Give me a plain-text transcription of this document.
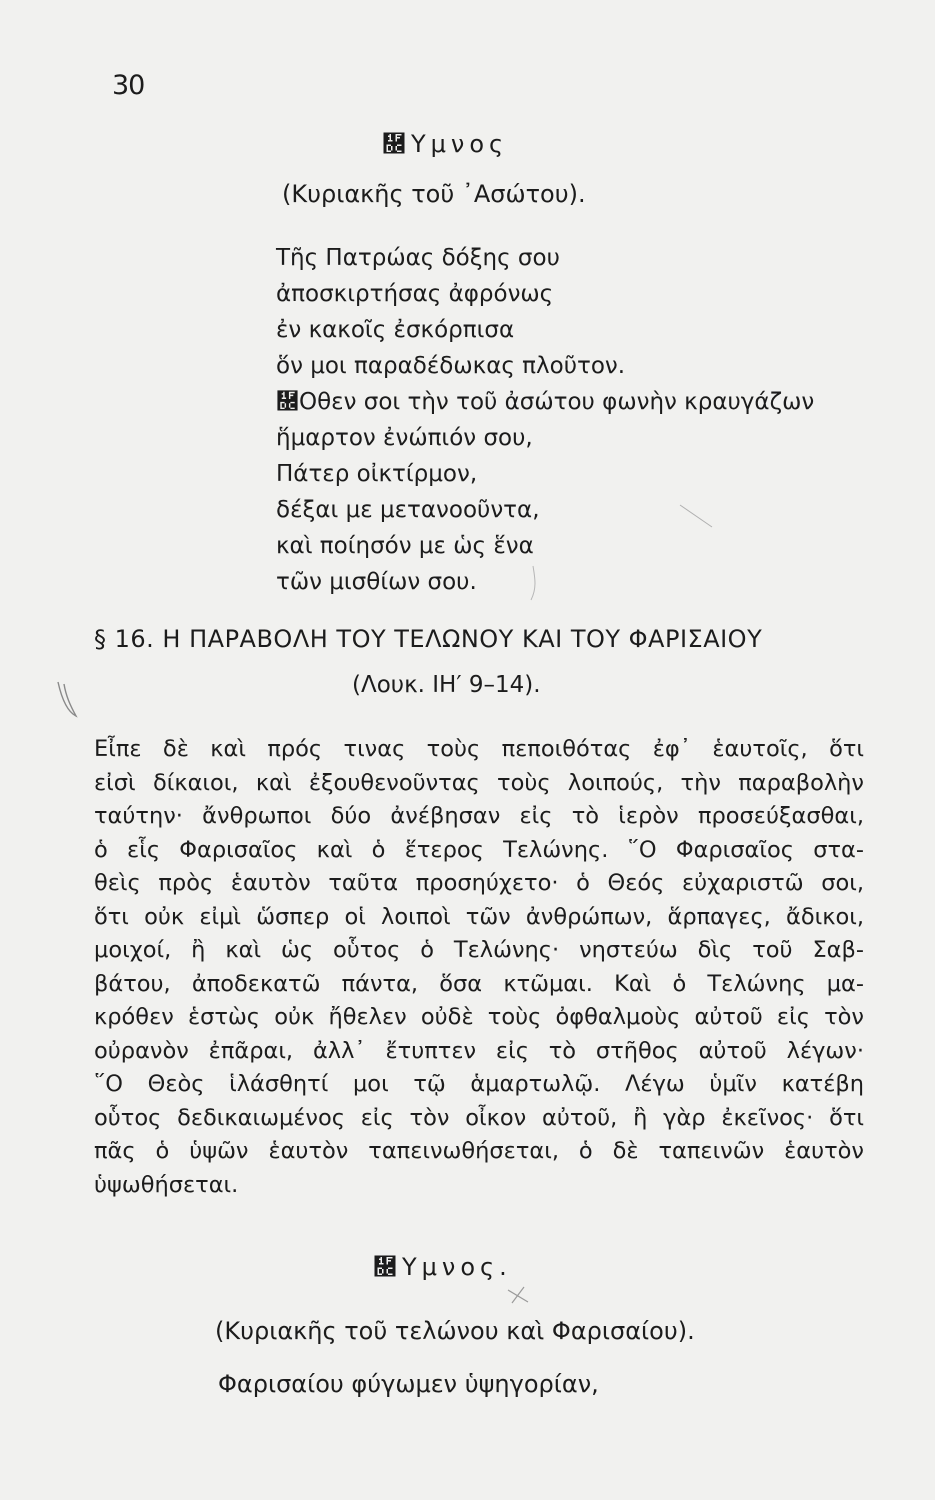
30
῜Υμνος
(Κυριακῆς τοῦ ᾿Ασώτου).
Τῆς Πατρώας δόξης σου
ἀποσκιρτήσας ἀφρόνως
ἐν κακοῖς ἐσκόρπισα
ὅν μοι παραδέδωκας πλοῦτον.
῜Οθεν σοι τὴν τοῦ ἀσώτου φωνὴν κραυγάζων
ἥμαρτον ἐνώπιόν σου,
Πάτερ οἰκτίρμον,
δέξαι με μετανοοῦντα,
καὶ ποίησόν με ὡς ἕνα
τῶν μισθίων σου.
§ 16. Η ΠΑΡΑΒΟΛΗ ΤΟΥ ΤΕΛΩΝΟΥ ΚΑΙ ΤΟΥ ΦΑΡΙΣΑΙΟΥ
(Λουκ. ΙΗ′ 9–14).
Εἶπε δὲ καὶ πρός τινας τοὺς πεποιθότας ἐφ᾿ ἑαυτοῖς, ὅτι
εἰσὶ δίκαιοι, καὶ ἐξουθενοῦντας τοὺς λοιπούς, τὴν παραβολὴν
ταύτην· ἄνθρωποι δύο ἀνέβησαν εἰς τὸ ἱερὸν προσεύξασθαι,
ὁ εἷς Φαρισαῖος καὶ ὁ ἕτερος Τελώνης. ῞Ο Φαρισαῖος στα-
θεὶς πρὸς ἑαυτὸν ταῦτα προσηύχετο· ὁ Θεός εὐχαριστῶ σοι,
ὅτι οὐκ εἰμὶ ὥσπερ οἱ λοιποὶ τῶν ἀνθρώπων, ἅρπαγες, ἄδικοι,
μοιχοί, ἢ καὶ ὡς οὗτος ὁ Τελώνης· νηστεύω δὶς τοῦ Σαβ-
βάτου, ἀποδεκατῶ πάντα, ὅσα κτῶμαι. Καὶ ὁ Τελώνης μα-
κρόθεν ἑστὼς οὐκ ἤθελεν οὐδὲ τοὺς ὀφθαλμοὺς αὐτοῦ εἰς τὸν
οὐρανὸν ἐπᾶραι, ἀλλ᾿ ἔτυπτεν εἰς τὸ στῆθος αὐτοῦ λέγων·
῞Ο Θεὸς ἱλάσθητί μοι τῷ ἁμαρτωλῷ. Λέγω ὑμῖν κατέβη
οὗτος δεδικαιωμένος εἰς τὸν οἶκον αὐτοῦ, ἢ γὰρ ἐκεῖνος· ὅτι
πᾶς ὁ ὑψῶν ἑαυτὸν ταπεινωθήσεται, ὁ δὲ ταπεινῶν ἑαυτὸν
ὑψωθήσεται.
῜Υμνος.
(Κυριακῆς τοῦ τελώνου καὶ Φαρισαίου).
Φαρισαίου φύγωμεν ὑψηγορίαν,
